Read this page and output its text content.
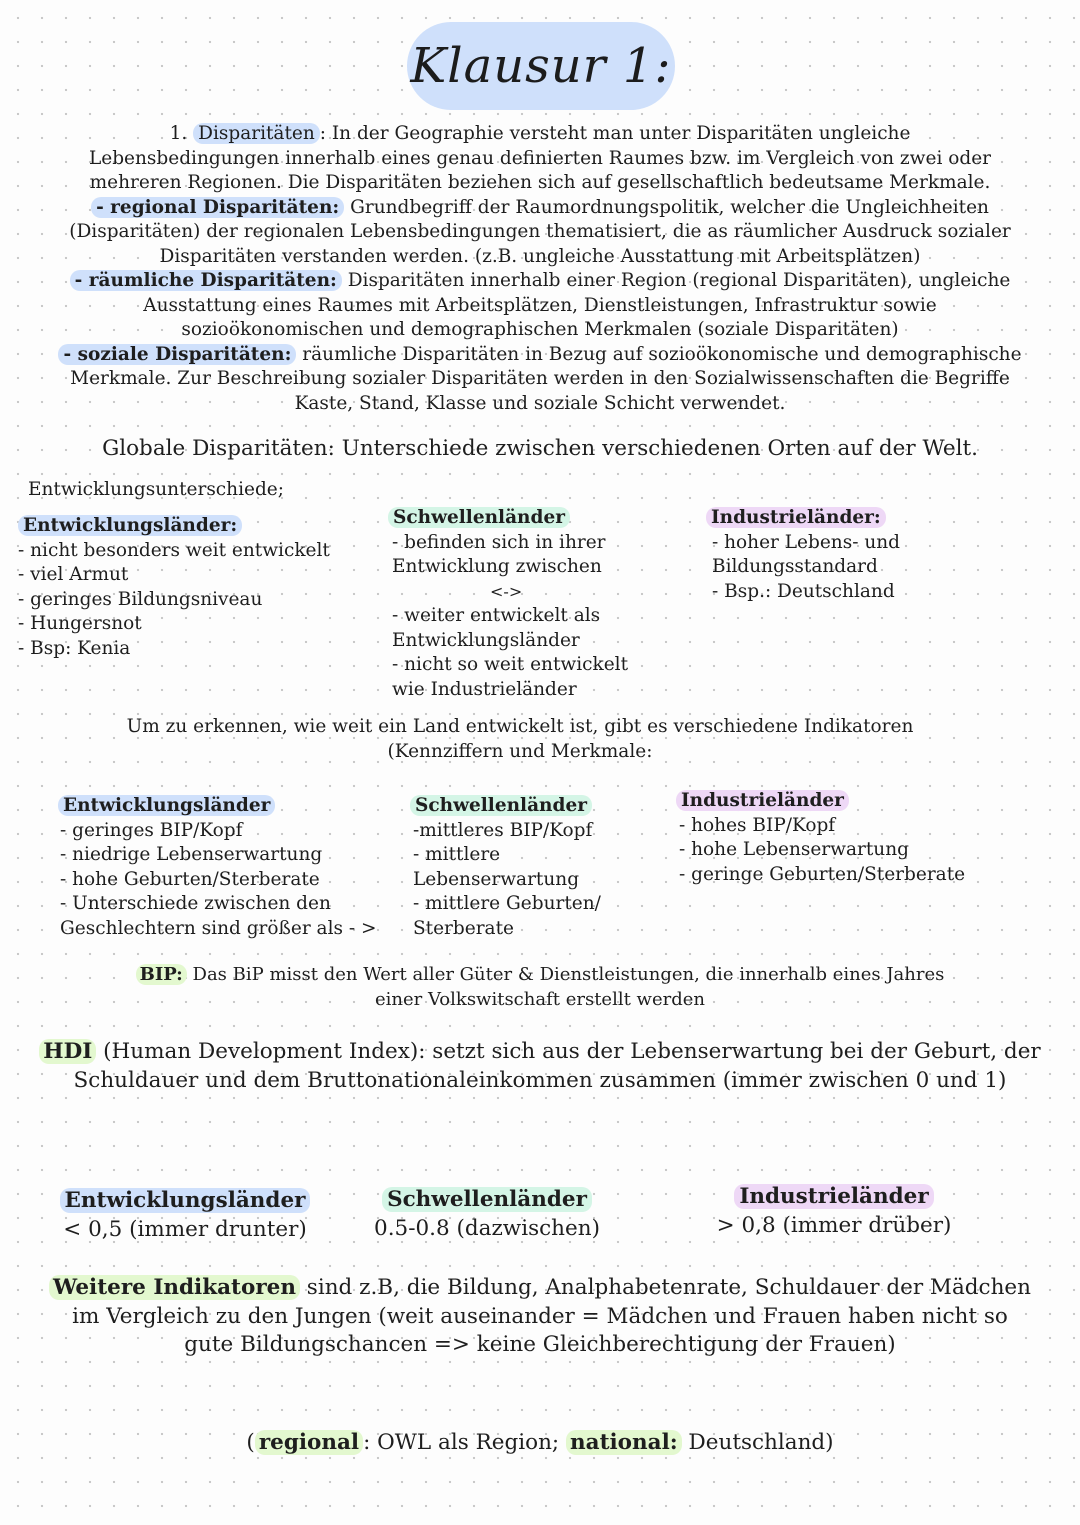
Klausur 1:
1. Disparitäten : In der Geographie versteht man unter Disparitäten ungleiche
Lebensbedingungen innerhalb eines genau definierten Raumes bzw. im Vergleich von zwei oder
mehreren Regionen. Die Disparitäten beziehen sich auf gesellschaftlich bedeutsame Merkmale.
- regional Disparitäten: Grundbegriff der Raumordnungspolitik, welcher die Ungleichheiten
(Disparitäten) der regionalen Lebensbedingungen thematisiert, die as räumlicher Ausdruck sozialer
Disparitäten verstanden werden. (z.B. ungleiche Ausstattung mit Arbeitsplätzen)
- räumliche Disparitäten: Disparitäten innerhalb einer Region (regional Disparitäten), ungleiche
Ausstattung eines Raumes mit Arbeitsplätzen, Dienstleistungen, Infrastruktur sowie
sozioökonomischen und demographischen Merkmalen (soziale Disparitäten)
- soziale Disparitäten: räumliche Disparitäten in Bezug auf sozioökonomische und demographische
Merkmale. Zur Beschreibung sozialer Disparitäten werden in den Sozialwissenschaften die Begriffe
Kaste, Stand, Klasse und soziale Schicht verwendet.
Globale Disparitäten: Unterschiede zwischen verschiedenen Orten auf der Welt.
Entwicklungsunterschiede;
Entwicklungsländer:
- nicht besonders weit entwickelt
- viel Armut
- geringes Bildungsniveau
- Hungersnot
- Bsp: Kenia
Schwellenländer
- befinden sich in ihrer
Entwicklung zwischen
<->
- weiter entwickelt als
Entwicklungsländer
- nicht so weit entwickelt
wie Industrieländer
Industrieländer:
- hoher Lebens- und
Bildungsstandard
- Bsp.: Deutschland
Um zu erkennen, wie weit ein Land entwickelt ist, gibt es verschiedene Indikatoren
(Kennziffern und Merkmale:
Entwicklungsländer
- geringes BIP/Kopf
- niedrige Lebenserwartung
- hohe Geburten/Sterberate
- Unterschiede zwischen den
Geschlechtern sind größer als - >
Schwellenländer
-mittleres BIP/Kopf
- mittlere
Lebenserwartung
- mittlere Geburten/
Sterberate
Industrieländer
- hohes BIP/Kopf
- hohe Lebenserwartung
- geringe Geburten/Sterberate
BIP: Das BiP misst den Wert aller Güter & Dienstleistungen, die innerhalb eines Jahres
einer Volkswitschaft erstellt werden
HDI (Human Development Index): setzt sich aus der Lebenserwartung bei der Geburt, der
Schuldauer und dem Bruttonationaleinkommen zusammen (immer zwischen 0 und 1)
Entwicklungsländer
< 0,5 (immer drunter)
Schwellenländer
0.5-0.8 (dazwischen)
Industrieländer
> 0,8 (immer drüber)
Weitere Indikatoren sind z.B, die Bildung, Analphabetenrate, Schuldauer der Mädchen
im Vergleich zu den Jungen (weit auseinander = Mädchen und Frauen haben nicht so
gute Bildungschancen => keine Gleichberechtigung der Frauen)
( regional : OWL als Region; national: Deutschland)
